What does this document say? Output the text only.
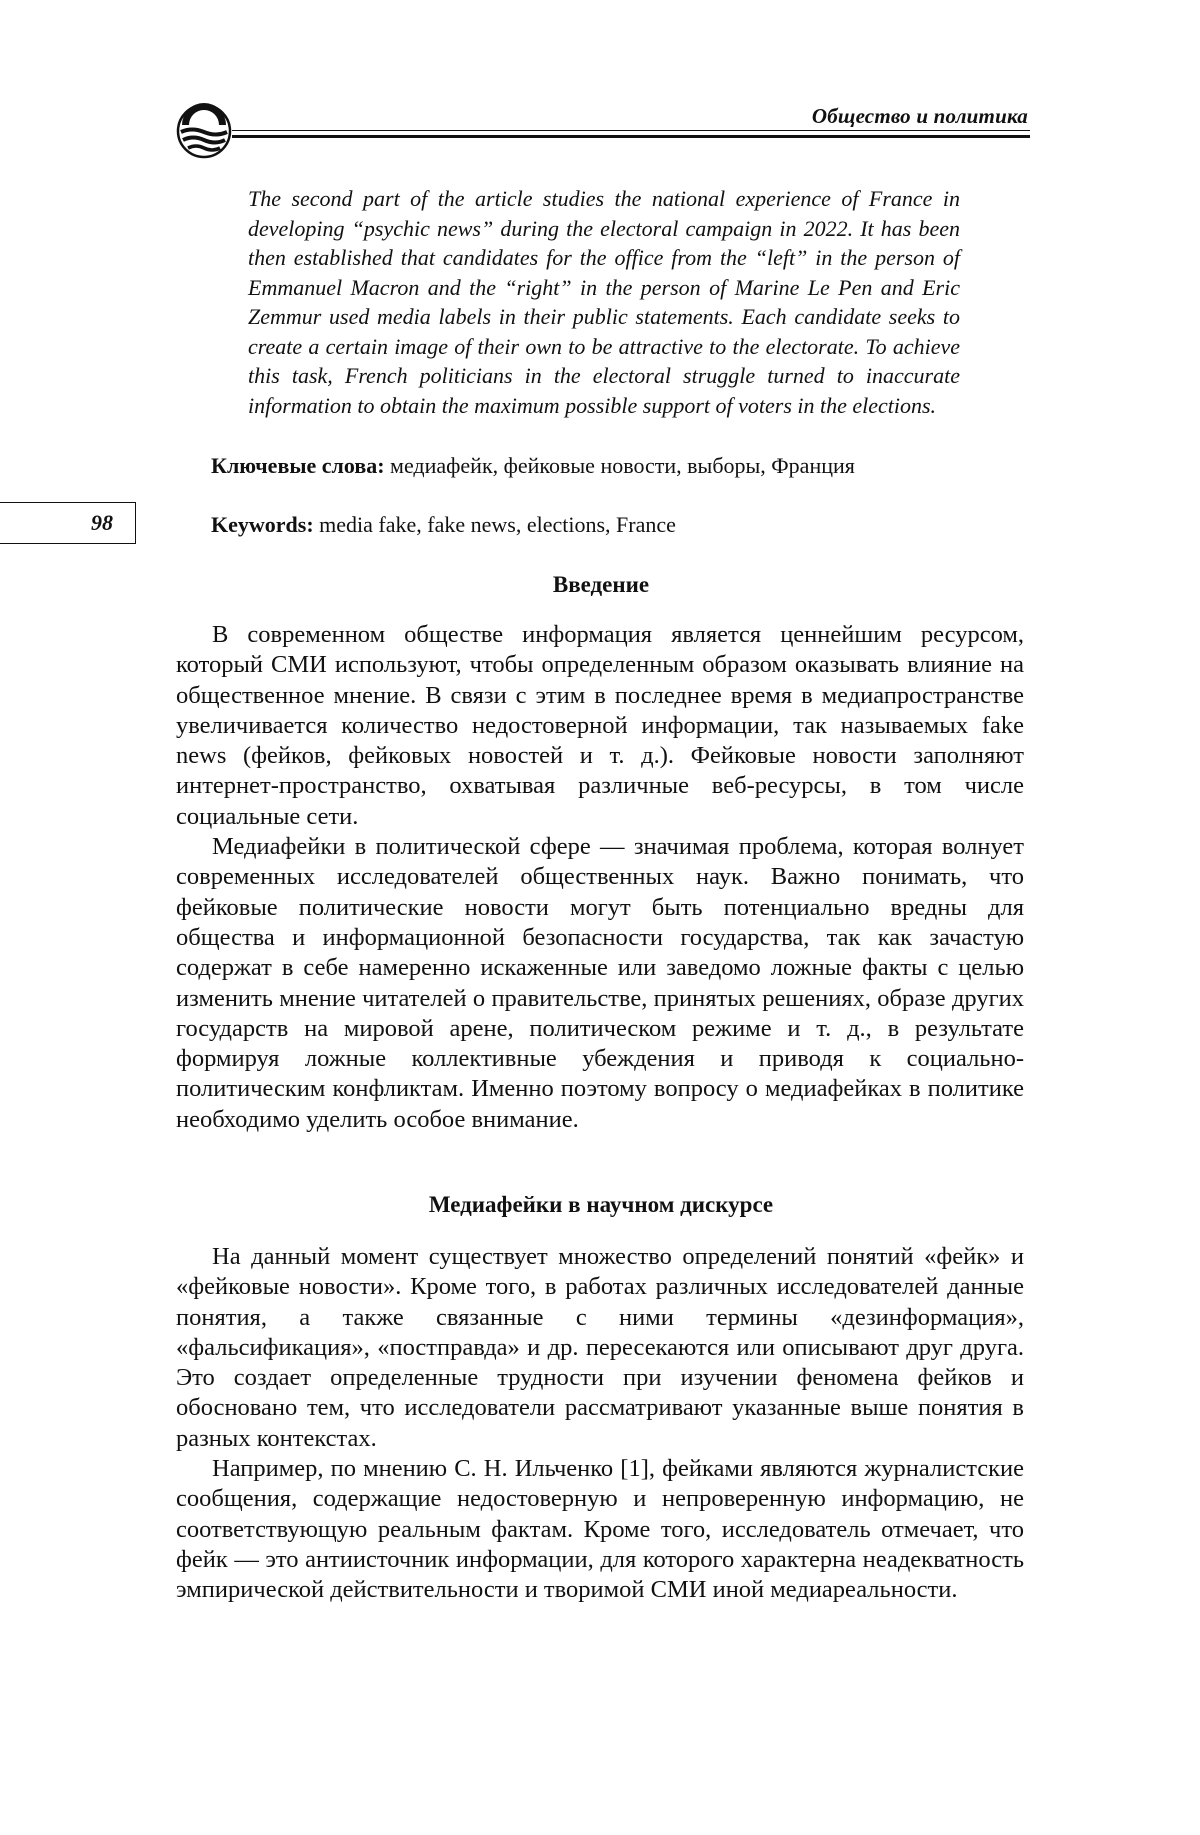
Общество и политика
The second part of the article studies the national experience of France in developing “psychic news” during the electoral campaign in 2022. It has been then established that candidates for the office from the “left” in the person of Emmanuel Macron and the “right” in the person of Marine Le Pen and Eric Zemmur used media labels in their public statements. Each candidate seeks to create a certain image of their own to be attractive to the electorate. To achieve this task, French politicians in the electoral struggle turned to inaccurate information to obtain the maximum possible support of voters in the elections.
Ключевые слова: медиафейк, фейковые новости, выборы, Франция
98	Keywords: media fake, fake news, elections, France
Введение

В современном обществе информация является ценнейшим ресурсом, который СМИ используют, чтобы определенным образом оказывать влияние на общественное мнение. В связи с этим в последнее время в медиапространстве увеличивается количество недостоверной информации, так называемых fake news (фейков, фейковых новостей и т. д.). Фейковые новости заполняют интернет-пространство, охватывая различные веб-ресурсы, в том числе социальные сети.

Медиафейки в политической сфере — значимая проблема, которая волнует современных исследователей общественных наук. Важно понимать, что фейковые политические новости могут быть потенциально вредны для общества и информационной безопасности государства, так как зачастую содержат в себе намеренно искаженные или заведомо ложные факты с целью изменить мнение читателей о правительстве, принятых решениях, образе других государств на мировой арене, политическом режиме и т. д., в результате формируя ложные коллективные убеждения и приводя к социально-политическим конфликтам. Именно поэтому вопросу о медиафейках в политике необходимо уделить особое внимание.

Медиафейки в научном дискурсе

На данный момент существует множество определений понятий «фейк» и «фейковые новости». Кроме того, в работах различных исследователей данные понятия, а также связанные с ними термины «дезинформация», «фальсификация», «постправда» и др. пересекаются или описывают друг друга. Это создает определенные трудности при изучении феномена фейков и обосновано тем, что исследователи рассматривают указанные выше понятия в разных контекстах.

Например, по мнению С. Н. Ильченко [1], фейками являются журналистские сообщения, содержащие недостоверную и непроверенную информацию, не соответствующую реальным фактам. Кроме того, исследователь отмечает, что фейк — это антиисточник информации, для которого характерна неадекватность эмпирической действительности и творимой СМИ иной медиареальности.
